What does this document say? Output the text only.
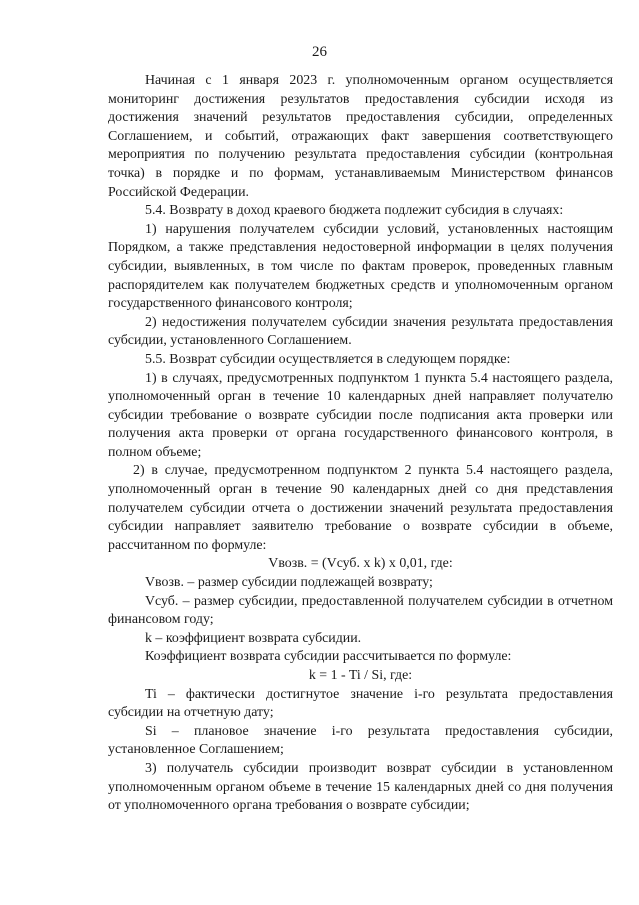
26

Начиная с 1 января 2023 г. уполномоченным органом осуществляется мониторинг достижения результатов предоставления субсидии исходя из достижения значений результатов предоставления субсидии, определенных Соглашением, и событий, отражающих факт завершения соответствующего мероприятия по получению результата предоставления субсидии (контрольная точка) в порядке и по формам, устанавливаемым Министерством финансов Российской Федерации.

5.4. Возврату в доход краевого бюджета подлежит субсидия в случаях:

1) нарушения получателем субсидии условий, установленных настоящим Порядком, а также представления недостоверной информации в целях получения субсидии, выявленных, в том числе по фактам проверок, проведенных главным распорядителем как получателем бюджетных средств и уполномоченным органом государственного финансового контроля;

2) недостижения получателем субсидии значения результата предоставления субсидии, установленного Соглашением.

5.5. Возврат субсидии осуществляется в следующем порядке:

1) в случаях, предусмотренных подпунктом 1 пункта 5.4 настоящего раздела, уполномоченный орган в течение 10 календарных дней направляет получателю субсидии требование о возврате субсидии после подписания акта проверки или получения акта проверки от органа государственного финансового контроля, в полном объеме;

2) в случае, предусмотренном подпунктом 2 пункта 5.4 настоящего раздела, уполномоченный орган в течение 90 календарных дней со дня представления получателем субсидии отчета о достижении значений результата предоставления субсидии направляет заявителю требование о возврате субсидии в объеме, рассчитанном по формуле:

Vвозв. = (Vсуб. x k) x 0,01, где:

Vвозв. – размер субсидии подлежащей возврату;

Vсуб. – размер субсидии, предоставленной получателем субсидии в отчетном финансовом году;

k – коэффициент возврата субсидии.

Коэффициент возврата субсидии рассчитывается по формуле:

k = 1 - Ti / Si, где:

Ti – фактически достигнутое значение i-го результата предоставления субсидии на отчетную дату;

Si – плановое значение i-го результата предоставления субсидии, установленное Соглашением;

3) получатель субсидии производит возврат субсидии в установленном уполномоченным органом объеме в течение 15 календарных дней со дня получения от уполномоченного органа требования о возврате субсидии;
